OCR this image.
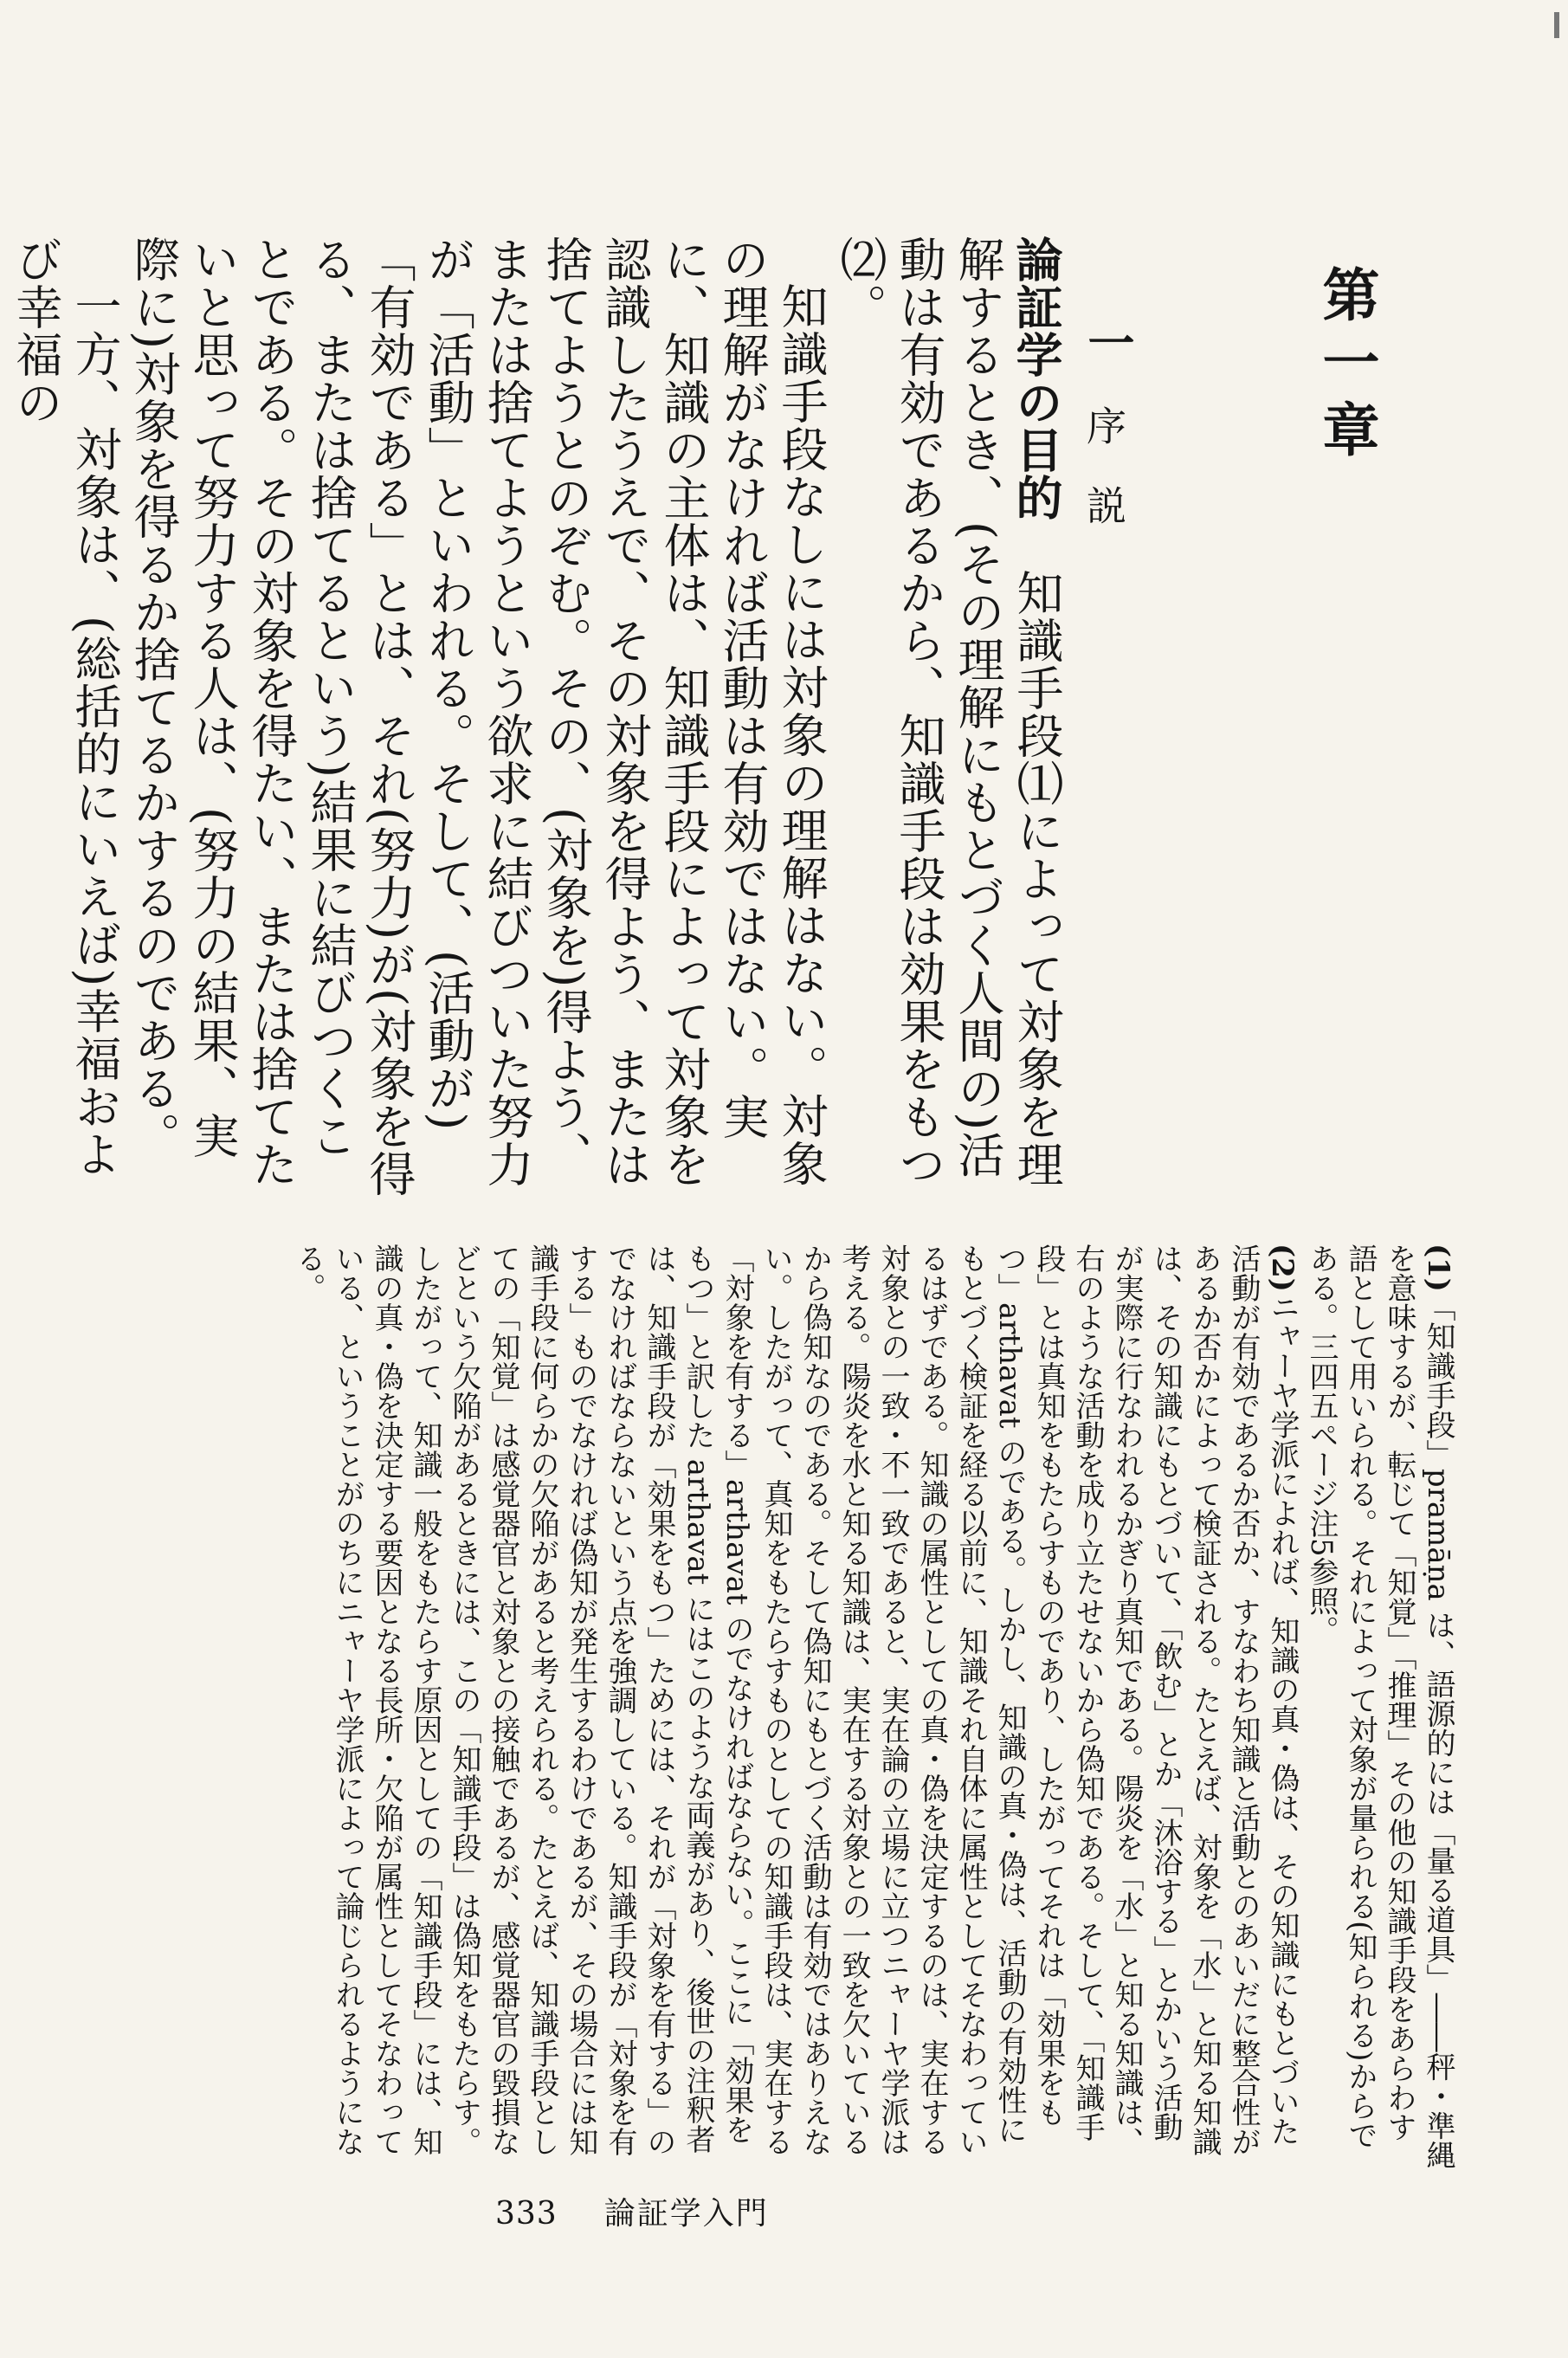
第一章
一
序説

論証学の目的　知識手段⑴によって対象を理解するとき、(その理解にもとづく人間の)活動は有効であるから、知識手段は効果をもつ⑵。

知識手段なしには対象の理解はない。対象の理解がなければ活動は有効ではない。実に、知識の主体は、知識手段によって対象を認識したうえで、その対象を得よう、または捨てようとのぞむ。その、(対象を)得よう、または捨てようという欲求に結びついた努力が「活動」といわれる。そして、(活動が)「有効である」とは、それ(努力)が(対象を得る、または捨てるという)結果に結びつくことである。その対象を得たい、または捨てたいと思って努力する人は、(努力の結果、実際に)対象を得るか捨てるかするのである。

一方、対象は、(総括的にいえば)幸福および幸福の

(1)「知識手段」pramāṇa は、語源的には「量る道具」――秤・準縄を意味するが、転じて「知覚」「推理」その他の知識手段をあらわす語として用いられる。それによって対象が量られる(知られる)からである。三四五ページ注5参照。

(2)ニャーヤ学派によれば、知識の真・偽は、その知識にもとづいた活動が有効であるか否か、すなわち知識と活動とのあいだに整合性があるか否かによって検証される。たとえば、対象を「水」と知る知識は、その知識にもとづいて、「飲む」とか「沐浴する」とかいう活動が実際に行なわれるかぎり真知である。陽炎を「水」と知る知識は、右のような活動を成り立たせないから偽知である。そして、「知識手段」とは真知をもたらすものであり、したがってそれは「効果をもつ」arthavat のである。しかし、知識の真・偽は、活動の有効性にもとづく検証を経る以前に、知識それ自体に属性としてそなわっているはずである。知識の属性としての真・偽を決定するのは、実在する対象との一致・不一致であると、実在論の立場に立つニャーヤ学派は考える。陽炎を水と知る知識は、実在する対象との一致を欠いているから偽知なのである。そして偽知にもとづく活動は有効ではありえない。したがって、真知をもたらすものとしての知識手段は、実在する「対象を有する」arthavat のでなければならない。ここに「効果をもつ」と訳した arthavat にはこのような両義があり、後世の注釈者は、知識手段が「効果をもつ」ためには、それが「対象を有する」のでなければならないという点を強調している。知識手段が「対象を有する」ものでなければ偽知が発生するわけであるが、その場合には知識手段に何らかの欠陥があると考えられる。たとえば、知識手段としての「知覚」は感覚器官と対象との接触であるが、感覚器官の毀損などという欠陥があるときには、この「知識手段」は偽知をもたらす。したがって、知識一般をもたらす原因としての「知識手段」には、知識の真・偽を決定する要因となる長所・欠陥が属性としてそなわっている、ということがのちにニャーヤ学派によって論じられるようになる。

333 論証学入門
